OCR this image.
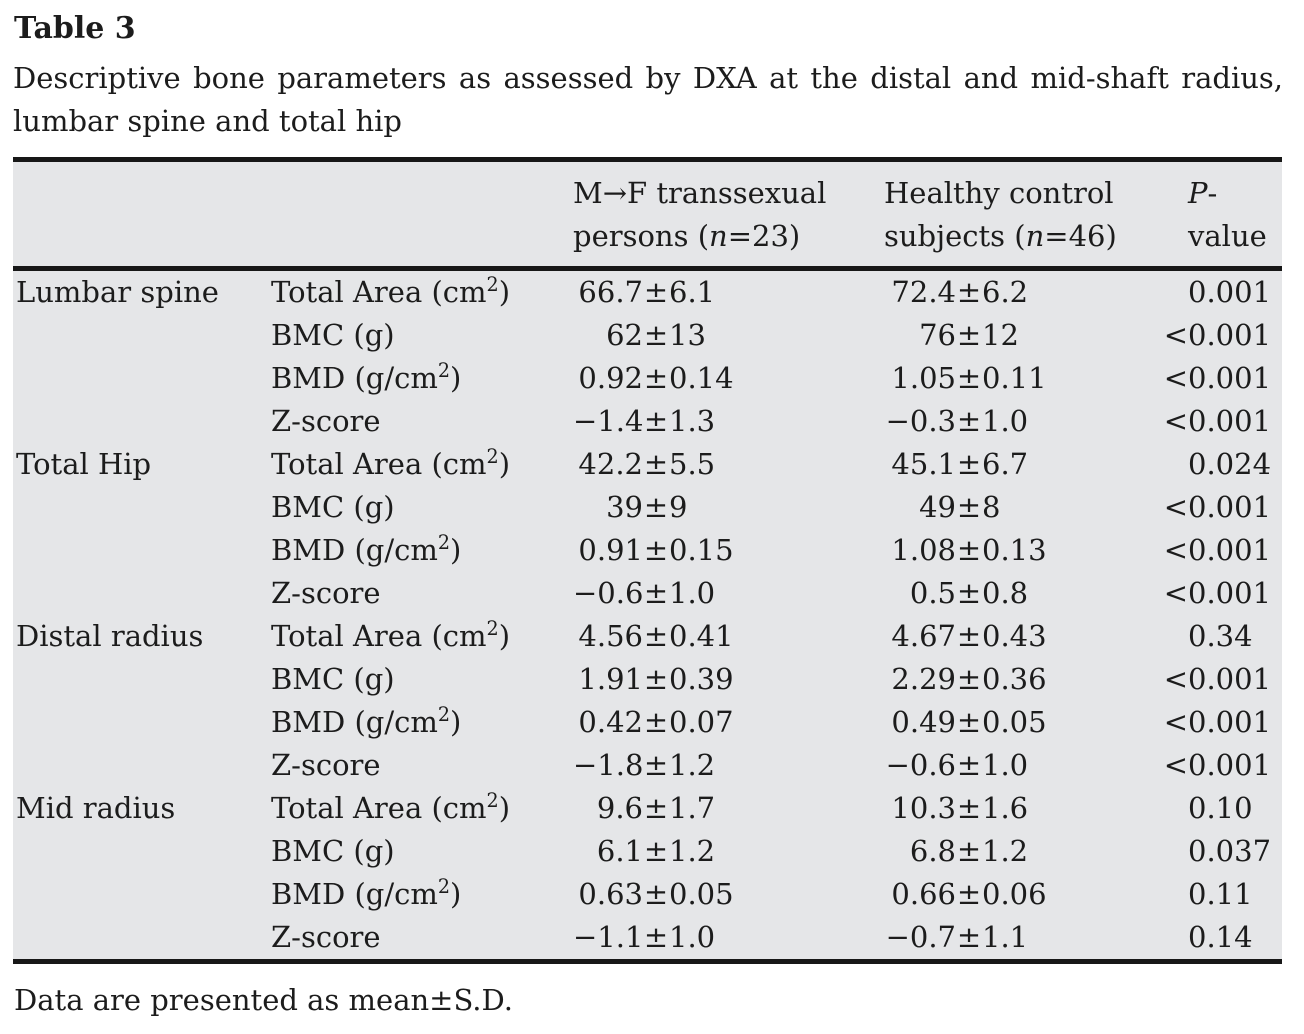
Table 3
Descriptive bone parameters as assessed by DXA at the distal and mid-shaft radius,
lumbar spine and total hip
M→F transsexual
persons (n=23)
Healthy control
subjects (n=46)
P-value
Lumbar spine	Total Area $(cm^2)$	66.7 ± 6.1	72.4 ± 6.2	0.001
BMC (g)	62 ± 13	76 ± 12	< 0.001
BMD $(g/cm^2)$	0.92 ± 0.14	1.05 ± 0.11	< 0.001
Z-score	−1.4 ± 1.3	−0.3 ± 1.0	< 0.001
Total Hip	Total Area $(cm^2)$	42.2 ± 5.5	45.1 ± 6.7	0.024
BMC (g)	39 ± 9	49 ± 8	< 0.001
BMD $(g/cm^2)$	0.91 ± 0.15	1.08 ± 0.13	< 0.001
Z-score	−0.6 ± 1.0	0.5 ± 0.8	< 0.001
Distal radius	Total Area $(cm^2)$	4.56 ± 0.41	4.67 ± 0.43	0.34
BMC (g)	1.91 ± 0.39	2.29 ± 0.36	< 0.001
BMD $(g/cm^2)$	0.42 ± 0.07	0.49 ± 0.05	< 0.001
Z-score	−1.8 ± 1.2	−0.6 ± 1.0	< 0.001
Mid radius	Total Area $(cm^2)$	9.6 ± 1.7	10.3 ± 1.6	0.10
BMC (g)	6.1 ± 1.2	6.8 ± 1.2	0.037
BMD $(g/cm^2)$	0.63 ± 0.05	0.66 ± 0.06	0.11
Z-score	−1.1 ± 1.0	−0.7 ± 1.1	0.14
Data are presented as mean±S.D.
